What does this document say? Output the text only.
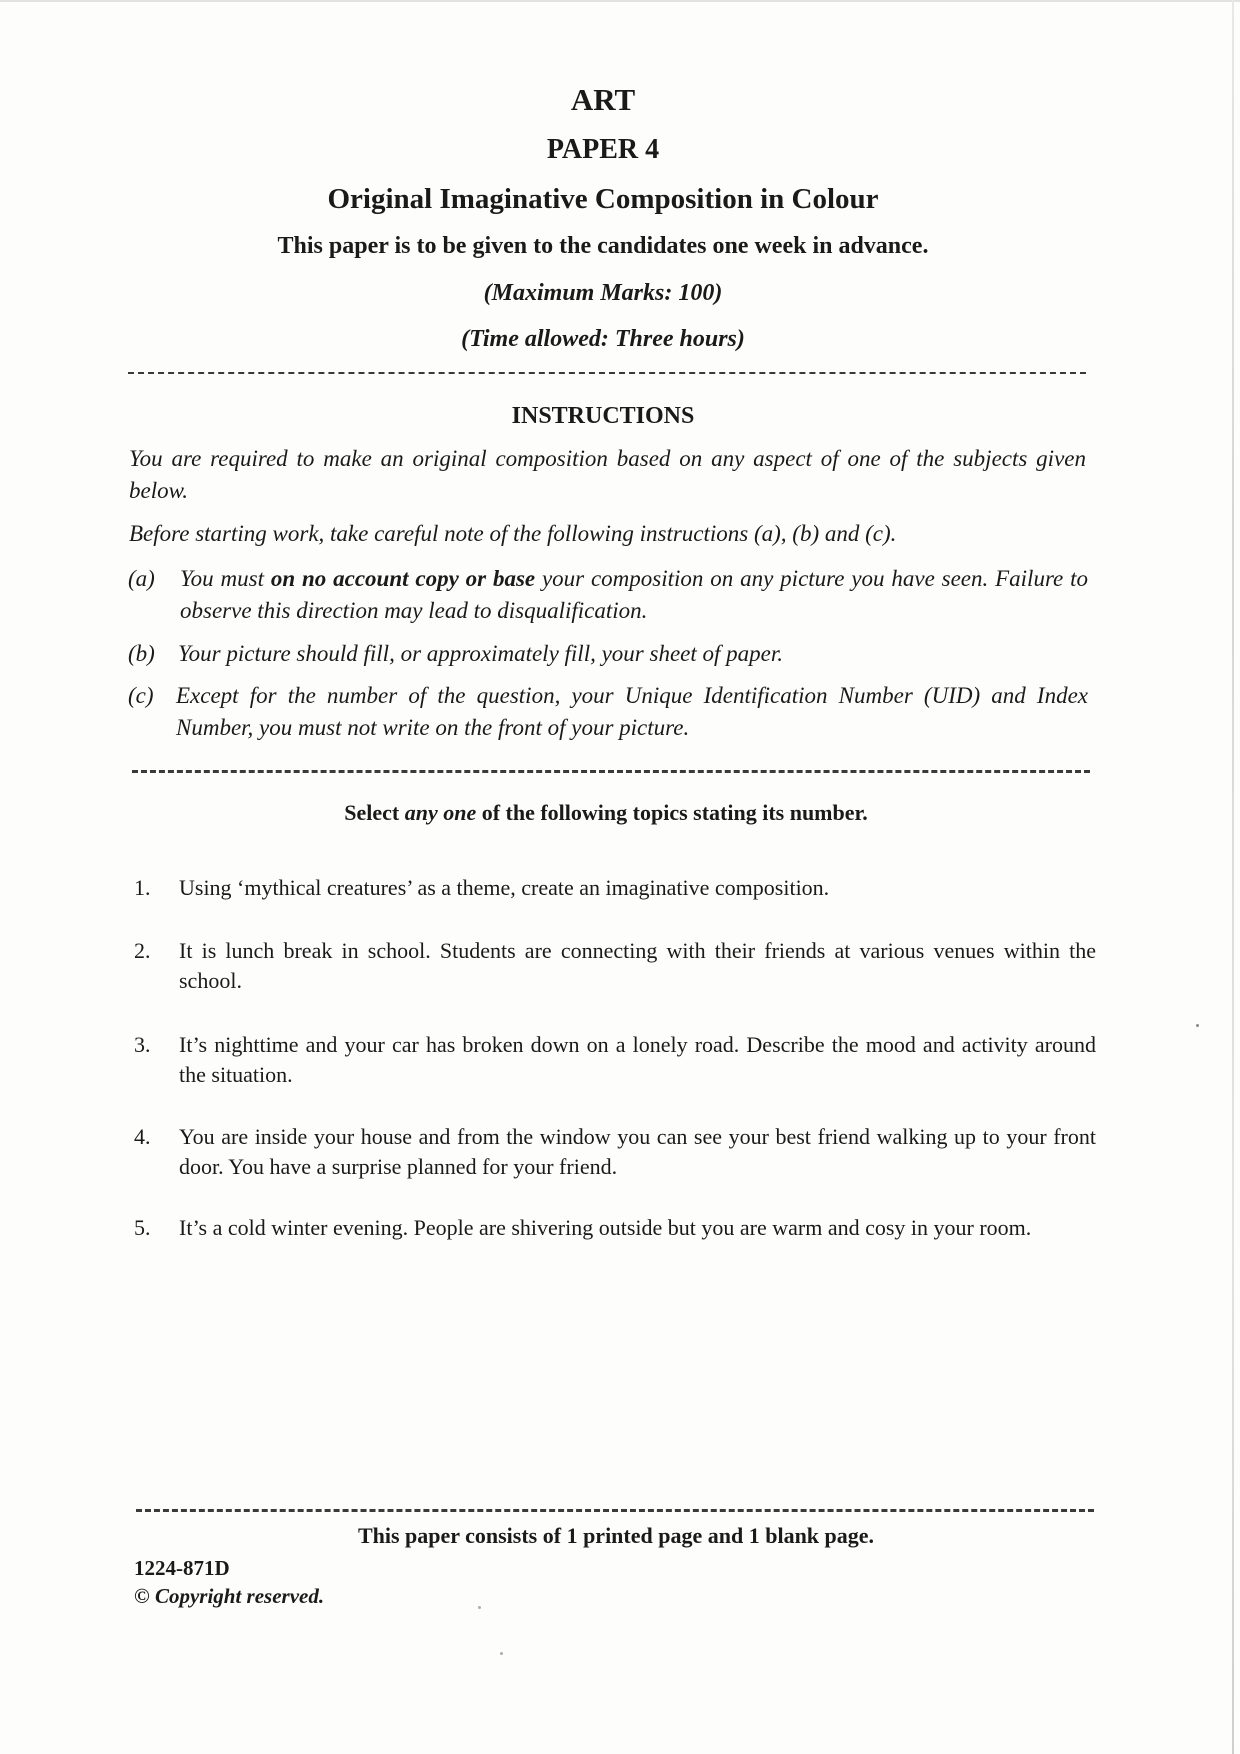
ART
PAPER 4
Original Imaginative Composition in Colour
This paper is to be given to the candidates one week in advance.
(Maximum Marks: 100)
(Time allowed: Three hours)
INSTRUCTIONS
You are required to make an original composition based on any aspect of one of the subjects given below.
Before starting work, take careful note of the following instructions (a), (b) and (c).
(a) You must on no account copy or base your composition on any picture you have seen. Failure to observe this direction may lead to disqualification.
(b) Your picture should fill, or approximately fill, your sheet of paper.
(c) Except for the number of the question, your Unique Identification Number (UID) and Index Number, you must not write on the front of your picture.
Select any one of the following topics stating its number.
1. Using ‘mythical creatures’ as a theme, create an imaginative composition.
2. It is lunch break in school. Students are connecting with their friends at various venues within the school.
3. It’s nighttime and your car has broken down on a lonely road. Describe the mood and activity around the situation.
4. You are inside your house and from the window you can see your best friend walking up to your front door. You have a surprise planned for your friend.
5. It’s a cold winter evening. People are shivering outside but you are warm and cosy in your room.
This paper consists of 1 printed page and 1 blank page.
1224-871D
© Copyright reserved.
